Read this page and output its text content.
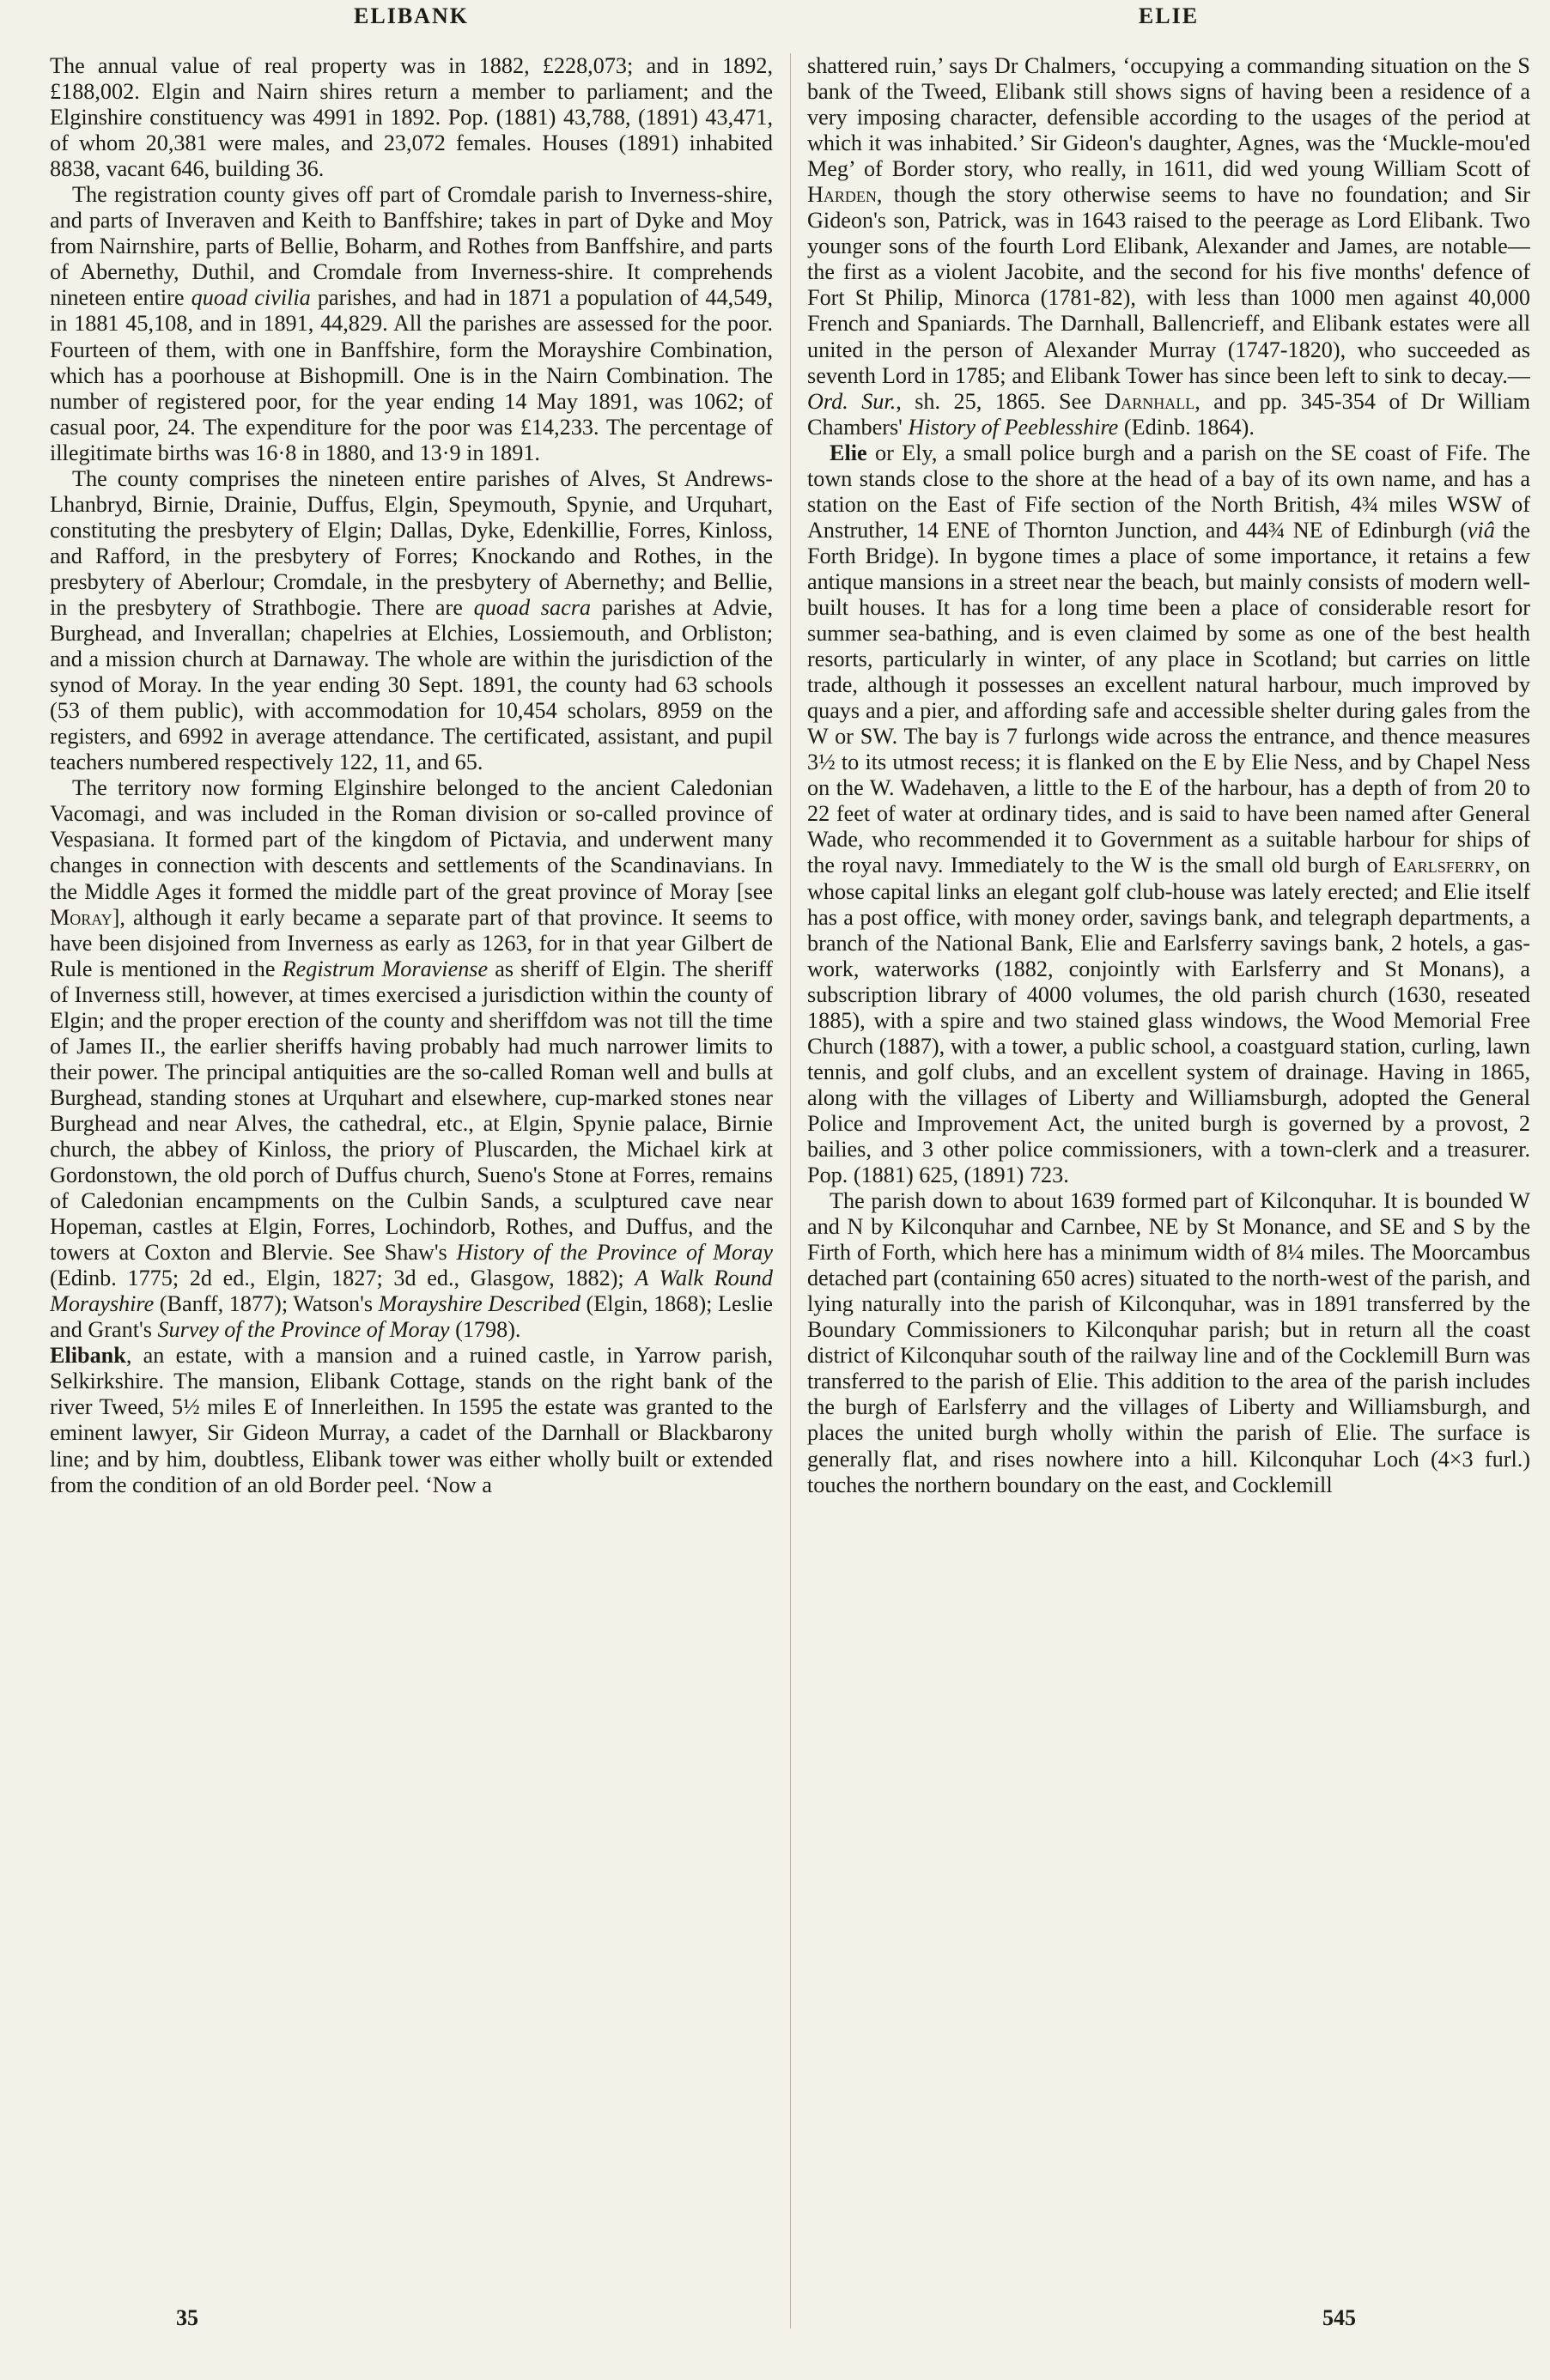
ELIBANK	ELIE

The annual value of real property was in 1882, £228,073; and in 1892, £188,002. Elgin and Nairn shires return a member to parliament; and the Elginshire constituency was 4991 in 1892. Pop. (1881) 43,788, (1891) 43,471, of whom 20,381 were males, and 23,072 females. Houses (1891) inhabited 8838, vacant 646, building 36.

The registration county gives off part of Cromdale parish to Inverness-shire, and parts of Inveraven and Keith to Banffshire; takes in part of Dyke and Moy from Nairnshire, parts of Bellie, Boharm, and Rothes from Banffshire, and parts of Abernethy, Duthil, and Cromdale from Inverness-shire. It comprehends nineteen entire quoad civilia parishes, and had in 1871 a population of 44,549, in 1881 45,108, and in 1891, 44,829. All the parishes are assessed for the poor. Fourteen of them, with one in Banffshire, form the Morayshire Combination, which has a poorhouse at Bishopmill. One is in the Nairn Combination. The number of registered poor, for the year ending 14 May 1891, was 1062; of casual poor, 24. The expenditure for the poor was £14,233. The percentage of illegitimate births was 16·8 in 1880, and 13·9 in 1891.

The county comprises the nineteen entire parishes of Alves, St Andrews-Lhanbryd, Birnie, Drainie, Duffus, Elgin, Speymouth, Spynie, and Urquhart, constituting the presbytery of Elgin; Dallas, Dyke, Edenkillie, Forres, Kinloss, and Rafford, in the presbytery of Forres; Knockando and Rothes, in the presbytery of Aberlour; Cromdale, in the presbytery of Abernethy; and Bellie, in the presbytery of Strathbogie. There are quoad sacra parishes at Advie, Burghead, and Inverallan; chapelries at Elchies, Lossiemouth, and Orbliston; and a mission church at Darnaway. The whole are within the jurisdiction of the synod of Moray. In the year ending 30 Sept. 1891, the county had 63 schools (53 of them public), with accommodation for 10,454 scholars, 8959 on the registers, and 6992 in average attendance. The certificated, assistant, and pupil teachers numbered respectively 122, 11, and 65.

The territory now forming Elginshire belonged to the ancient Caledonian Vacomagi, and was included in the Roman division or so-called province of Vespasiana. It formed part of the kingdom of Pictavia, and underwent many changes in connection with descents and settlements of the Scandinavians. In the Middle Ages it formed the middle part of the great province of Moray [see Moray], although it early became a separate part of that province. It seems to have been disjoined from Inverness as early as 1263, for in that year Gilbert de Rule is mentioned in the Registrum Moraviense as sheriff of Elgin. The sheriff of Inverness still, however, at times exercised a jurisdiction within the county of Elgin; and the proper erection of the county and sheriffdom was not till the time of James II., the earlier sheriffs having probably had much narrower limits to their power. The principal antiquities are the so-called Roman well and bulls at Burghead, standing stones at Urquhart and elsewhere, cup-marked stones near Burghead and near Alves, the cathedral, etc., at Elgin, Spynie palace, Birnie church, the abbey of Kinloss, the priory of Pluscarden, the Michael kirk at Gordonstown, the old porch of Duffus church, Sueno's Stone at Forres, remains of Caledonian encampments on the Culbin Sands, a sculptured cave near Hopeman, castles at Elgin, Forres, Lochindorb, Rothes, and Duffus, and the towers at Coxton and Blervie. See Shaw's History of the Province of Moray (Edinb. 1775; 2d ed., Elgin, 1827; 3d ed., Glasgow, 1882); A Walk Round Morayshire (Banff, 1877); Watson's Morayshire Described (Elgin, 1868); Leslie and Grant's Survey of the Province of Moray (1798).

Elibank, an estate, with a mansion and a ruined castle, in Yarrow parish, Selkirkshire. The mansion, Elibank Cottage, stands on the right bank of the river Tweed, 5½ miles E of Innerleithen. In 1595 the estate was granted to the eminent lawyer, Sir Gideon Murray, a cadet of the Darnhall or Blackbarony line; and by him, doubtless, Elibank tower was either wholly built or extended from the condition of an old Border peel. ‘Now a

shattered ruin,’ says Dr Chalmers, ‘occupying a commanding situation on the S bank of the Tweed, Elibank still shows signs of having been a residence of a very imposing character, defensible according to the usages of the period at which it was inhabited.’ Sir Gideon's daughter, Agnes, was the ‘Muckle-mou'ed Meg’ of Border story, who really, in 1611, did wed young William Scott of Harden, though the story otherwise seems to have no foundation; and Sir Gideon's son, Patrick, was in 1643 raised to the peerage as Lord Elibank. Two younger sons of the fourth Lord Elibank, Alexander and James, are notable—the first as a violent Jacobite, and the second for his five months' defence of Fort St Philip, Minorca (1781-82), with less than 1000 men against 40,000 French and Spaniards. The Darnhall, Ballencrieff, and Elibank estates were all united in the person of Alexander Murray (1747-1820), who succeeded as seventh Lord in 1785; and Elibank Tower has since been left to sink to decay.—Ord. Sur., sh. 25, 1865. See Darnhall, and pp. 345-354 of Dr William Chambers' History of Peeblesshire (Edinb. 1864).

Elie or Ely, a small police burgh and a parish on the SE coast of Fife. The town stands close to the shore at the head of a bay of its own name, and has a station on the East of Fife section of the North British, 4¾ miles WSW of Anstruther, 14 ENE of Thornton Junction, and 44¾ NE of Edinburgh (viâ the Forth Bridge). In bygone times a place of some importance, it retains a few antique mansions in a street near the beach, but mainly consists of modern well-built houses. It has for a long time been a place of considerable resort for summer sea-bathing, and is even claimed by some as one of the best health resorts, particularly in winter, of any place in Scotland; but carries on little trade, although it possesses an excellent natural harbour, much improved by quays and a pier, and affording safe and accessible shelter during gales from the W or SW. The bay is 7 furlongs wide across the entrance, and thence measures 3½ to its utmost recess; it is flanked on the E by Elie Ness, and by Chapel Ness on the W. Wadehaven, a little to the E of the harbour, has a depth of from 20 to 22 feet of water at ordinary tides, and is said to have been named after General Wade, who recommended it to Government as a suitable harbour for ships of the royal navy. Immediately to the W is the small old burgh of Earlsferry, on whose capital links an elegant golf club-house was lately erected; and Elie itself has a post office, with money order, savings bank, and telegraph departments, a branch of the National Bank, Elie and Earlsferry savings bank, 2 hotels, a gas-work, waterworks (1882, conjointly with Earlsferry and St Monans), a subscription library of 4000 volumes, the old parish church (1630, reseated 1885), with a spire and two stained glass windows, the Wood Memorial Free Church (1887), with a tower, a public school, a coastguard station, curling, lawn tennis, and golf clubs, and an excellent system of drainage. Having in 1865, along with the villages of Liberty and Williamsburgh, adopted the General Police and Improvement Act, the united burgh is governed by a provost, 2 bailies, and 3 other police commissioners, with a town-clerk and a treasurer. Pop. (1881) 625, (1891) 723.

The parish down to about 1639 formed part of Kilconquhar. It is bounded W and N by Kilconquhar and Carnbee, NE by St Monance, and SE and S by the Firth of Forth, which here has a minimum width of 8¼ miles. The Moorcambus detached part (containing 650 acres) situated to the north-west of the parish, and lying naturally into the parish of Kilconquhar, was in 1891 transferred by the Boundary Commissioners to Kilconquhar parish; but in return all the coast district of Kilconquhar south of the railway line and of the Cocklemill Burn was transferred to the parish of Elie. This addition to the area of the parish includes the burgh of Earlsferry and the villages of Liberty and Williamsburgh, and places the united burgh wholly within the parish of Elie. The surface is generally flat, and rises nowhere into a hill. Kilconquhar Loch (4×3 furl.) touches the northern boundary on the east, and Cocklemill

35	545
